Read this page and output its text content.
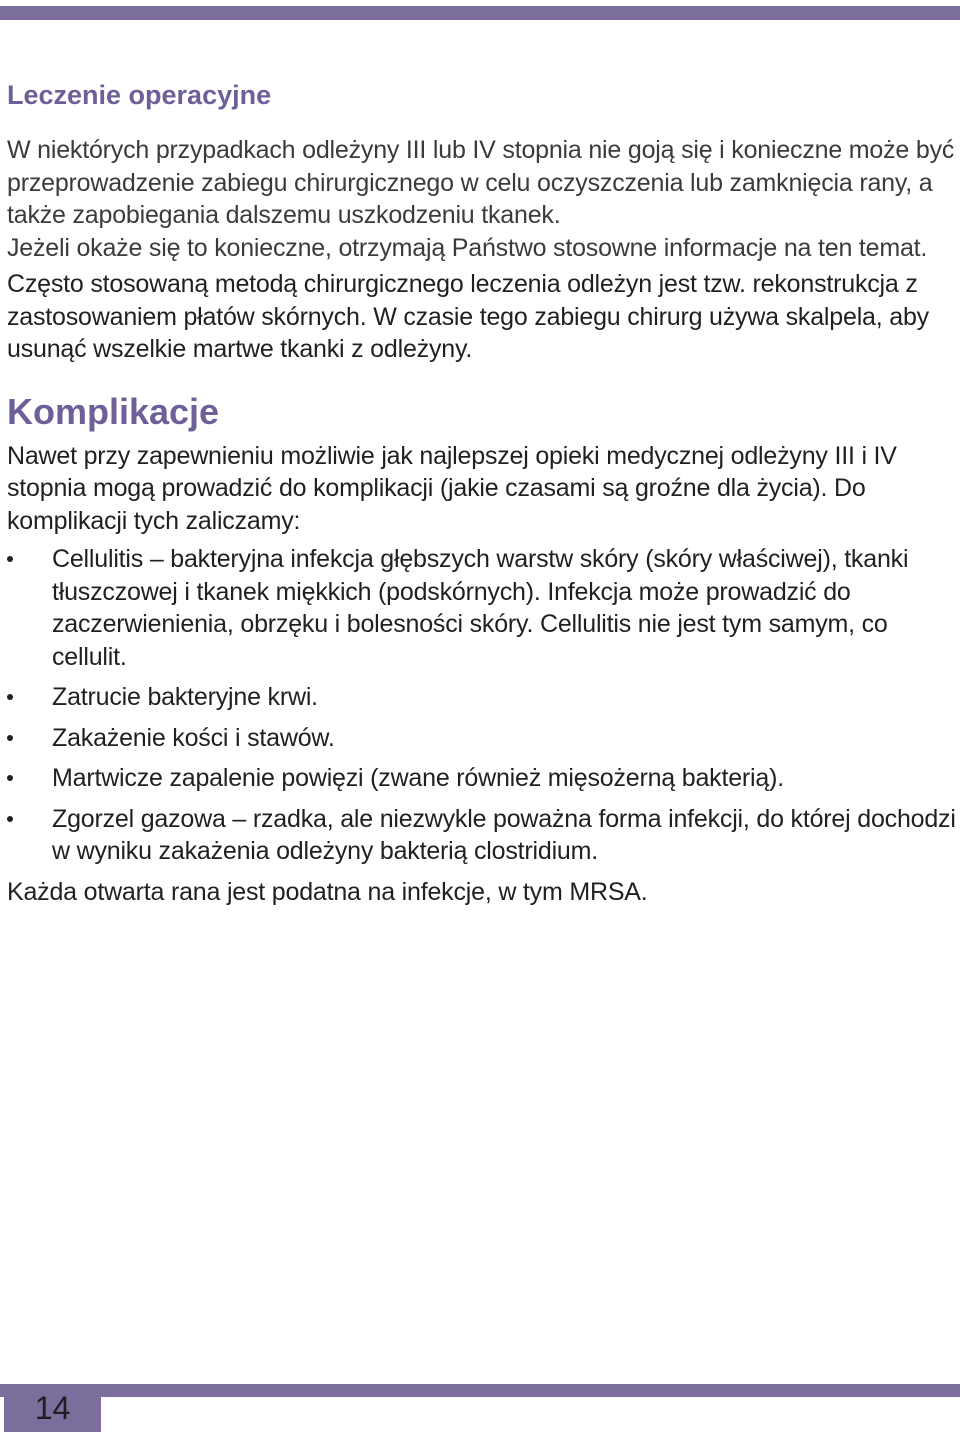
Leczenie operacyjne

W niektórych przypadkach odleżyny III lub IV stopnia nie goją się i konieczne może być przeprowadzenie zabiegu chirurgicznego w celu oczyszczenia lub zamknięcia rany, a także zapobiegania dalszemu uszkodzeniu tkanek.

Jeżeli okaże się to konieczne, otrzymają Państwo stosowne informacje na ten temat.

Często stosowaną metodą chirurgicznego leczenia odleżyn jest tzw. rekonstrukcja z zastosowaniem płatów skórnych. W czasie tego zabiegu chirurg używa skalpela, aby usunąć wszelkie martwe tkanki z odleżyny.

Komplikacje

Nawet przy zapewnieniu możliwie jak najlepszej opieki medycznej odleżyny III i IV stopnia mogą prowadzić do komplikacji (jakie czasami są groźne dla życia). Do komplikacji tych zaliczamy:

Cellulitis – bakteryjna infekcja głębszych warstw skóry (skóry właściwej), tkanki tłuszczowej i tkanek miękkich (podskórnych). Infekcja może prowadzić do zaczerwienienia, obrzęku i bolesności skóry. Cellulitis nie jest tym samym, co cellulit.
Zatrucie bakteryjne krwi.
Zakażenie kości i stawów.
Martwicze zapalenie powięzi (zwane również mięsożerną bakterią).
Zgorzel gazowa – rzadka, ale niezwykle poważna forma infekcji, do której dochodzi w wyniku zakażenia odleżyny bakterią clostridium.

Każda otwarta rana jest podatna na infekcje, w tym MRSA.

14
